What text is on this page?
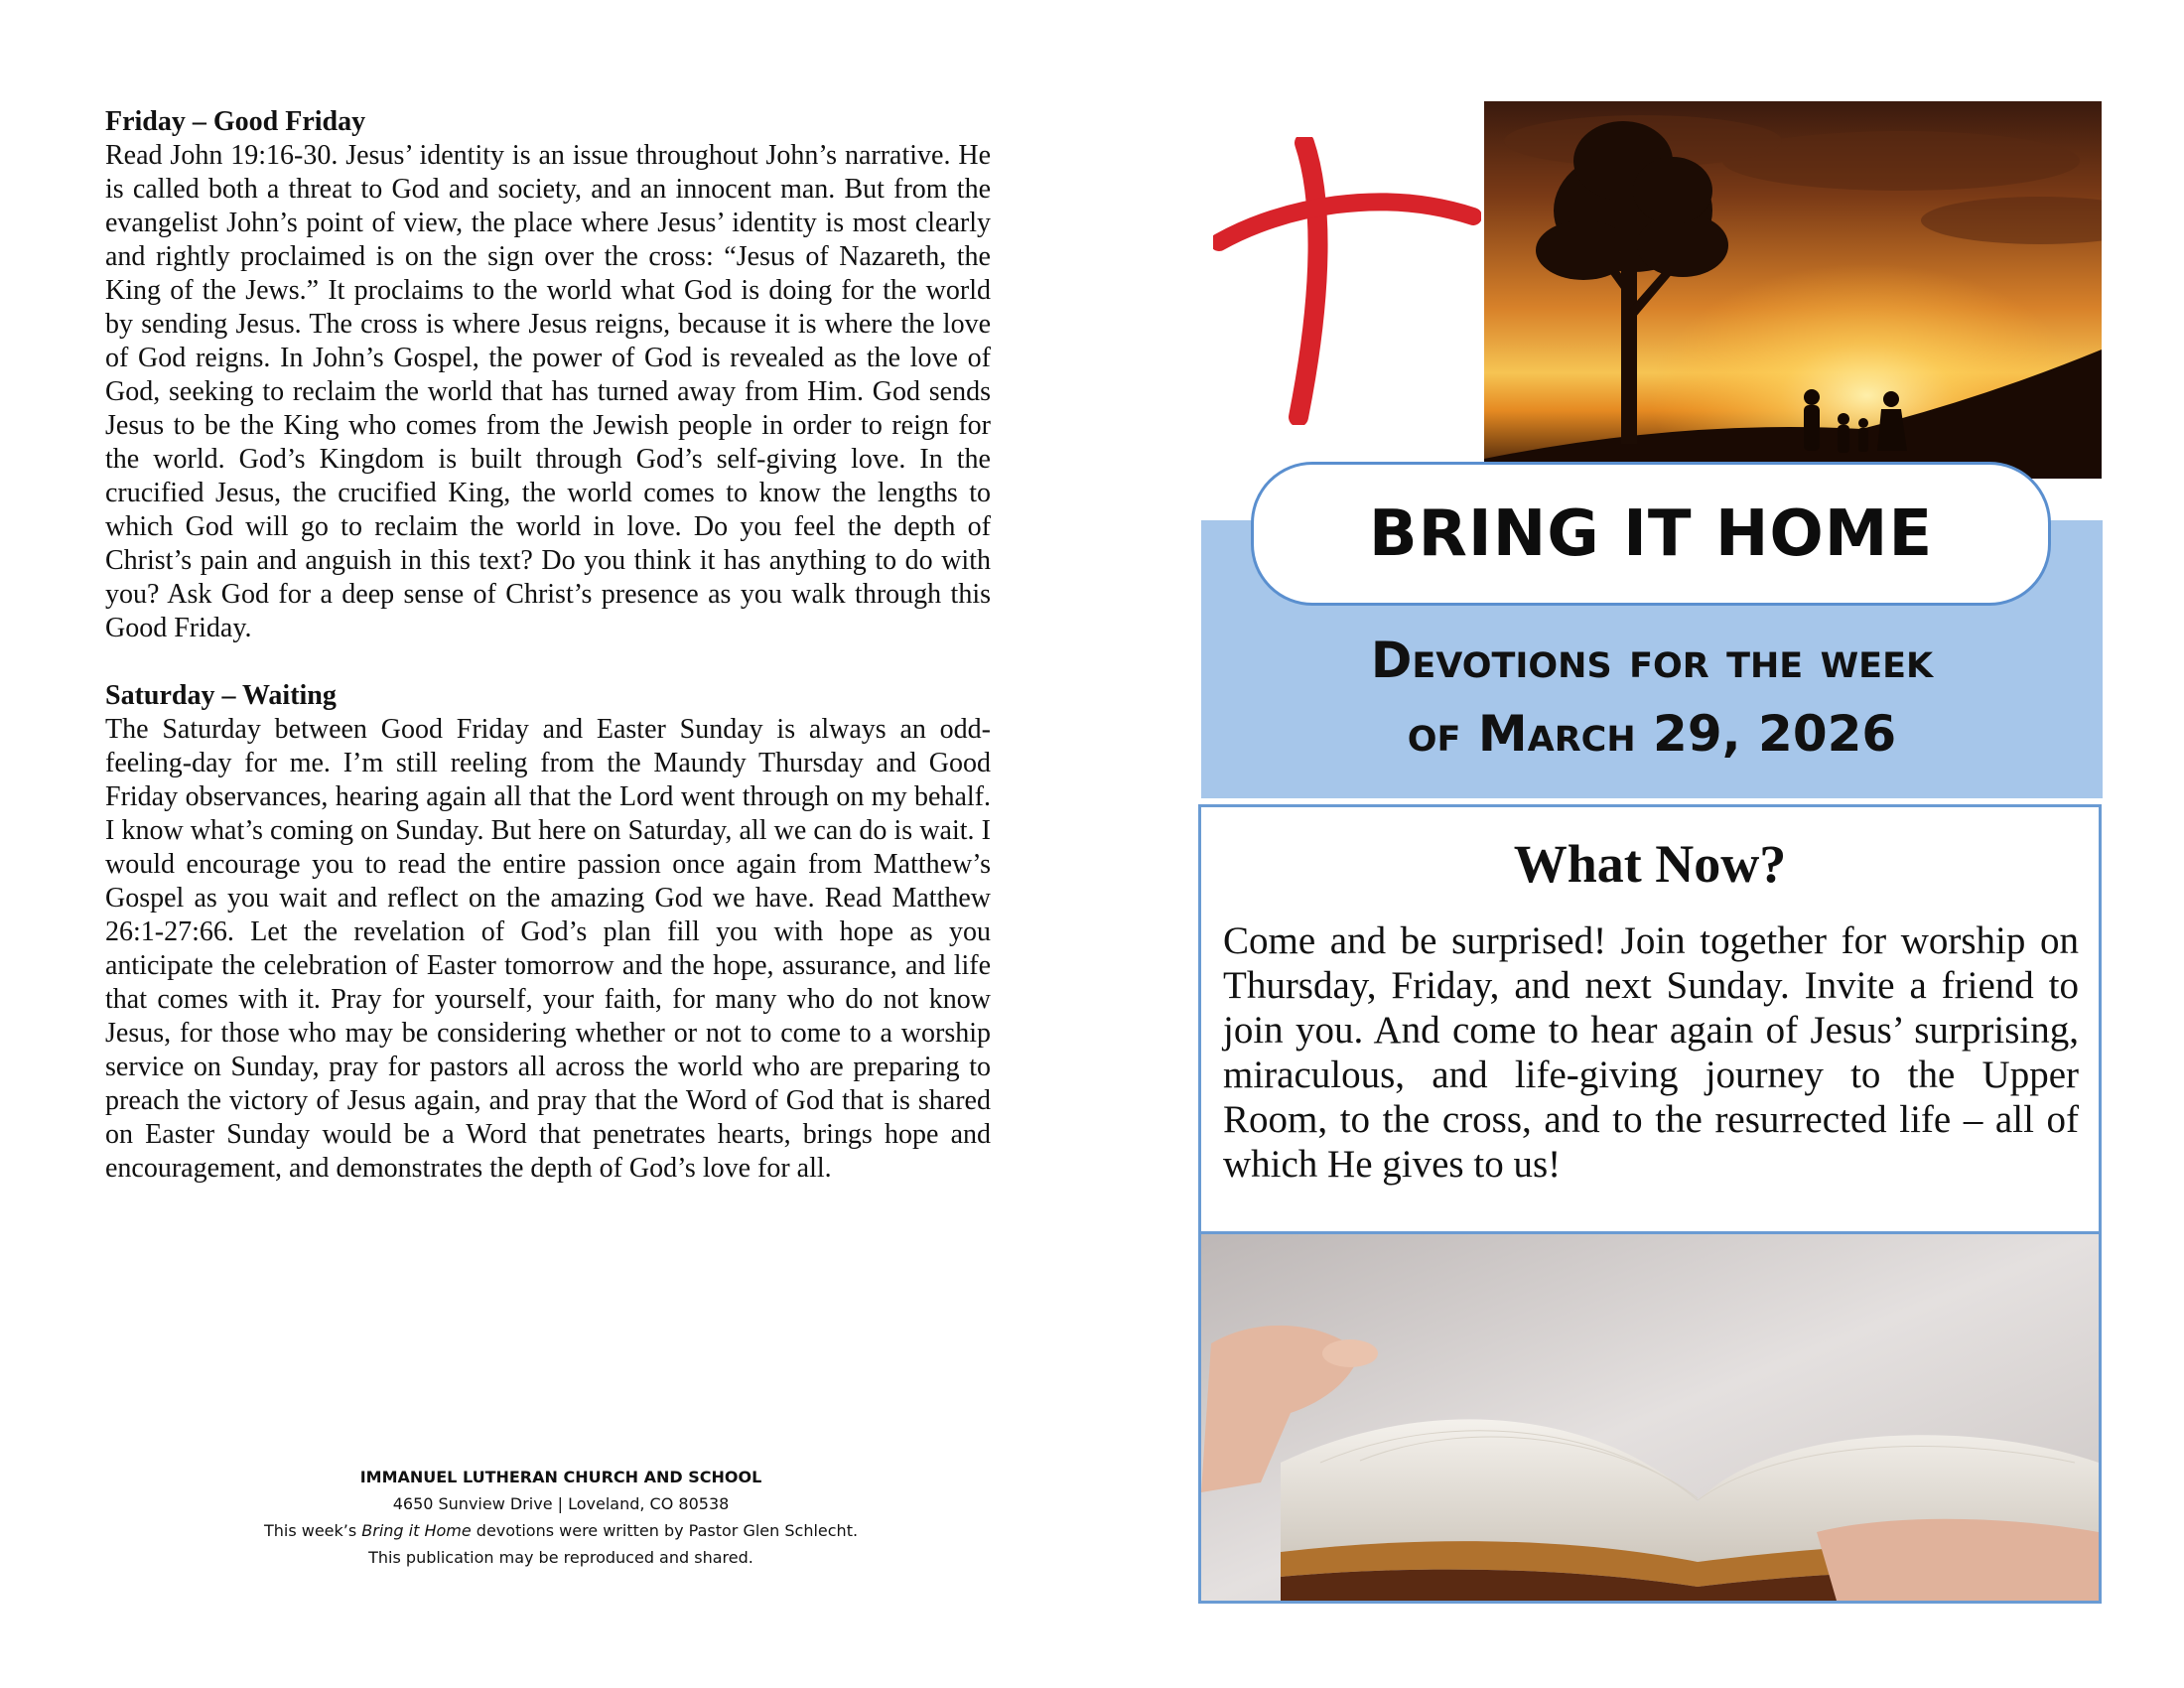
Friday – Good Friday

Read John 19:16-30. Jesus’ identity is an issue throughout John’s narrative. He is called both a threat to God and society, and an innocent man. But from the evangelist John’s point of view, the place where Jesus’ identity is most clearly and rightly proclaimed is on the sign over the cross: “Jesus of Nazareth, the King of the Jews.” It proclaims to the world what God is doing for the world by sending Jesus. The cross is where Jesus reigns, because it is where the love of God reigns. In John’s Gospel, the power of God is revealed as the love of God, seeking to reclaim the world that has turned away from Him. God sends Jesus to be the King who comes from the Jewish people in order to reign for the world. God’s Kingdom is built through God’s self-giving love. In the crucified Jesus, the crucified King, the world comes to know the lengths to which God will go to reclaim the world in love. Do you feel the depth of Christ’s pain and anguish in this text? Do you think it has anything to do with you? Ask God for a deep sense of Christ’s presence as you walk through this Good Friday.

Saturday – Waiting

The Saturday between Good Friday and Easter Sunday is always an odd-feeling-day for me. I’m still reeling from the Maundy Thursday and Good Friday observances, hearing again all that the Lord went through on my behalf. I know what’s coming on Sunday. But here on Saturday, all we can do is wait. I would encourage you to read the entire passion once again from Matthew’s Gospel as you wait and reflect on the amazing God we have. Read Matthew 26:1-27:66. Let the revelation of God’s plan fill you with hope as you anticipate the celebration of Easter tomorrow and the hope, assurance, and life that comes with it. Pray for yourself, your faith, for many who do not know Jesus, for those who may be considering whether or not to come to a worship service on Sunday, pray for pastors all across the world who are preparing to preach the victory of Jesus again, and pray that the Word of God that is shared on Easter Sunday would be a Word that penetrates hearts, brings hope and encouragement, and demonstrates the depth of God’s love for all.

IMMANUEL LUTHERAN CHURCH AND SCHOOL
4650 Sunview Drive | Loveland, CO 80538
This week’s Bring it Home devotions were written by Pastor Glen Schlecht.
This publication may be reproduced and shared.
BRING IT HOME
Devotions for the week
of March 29, 2026

What Now?

Come and be surprised! Join together for worship on Thursday, Friday, and next Sunday. Invite a friend to join you. And come to hear again of Jesus’ surprising, miraculous, and life-giving journey to the Upper Room, to the cross, and to the resurrected life – all of which He gives to us!
